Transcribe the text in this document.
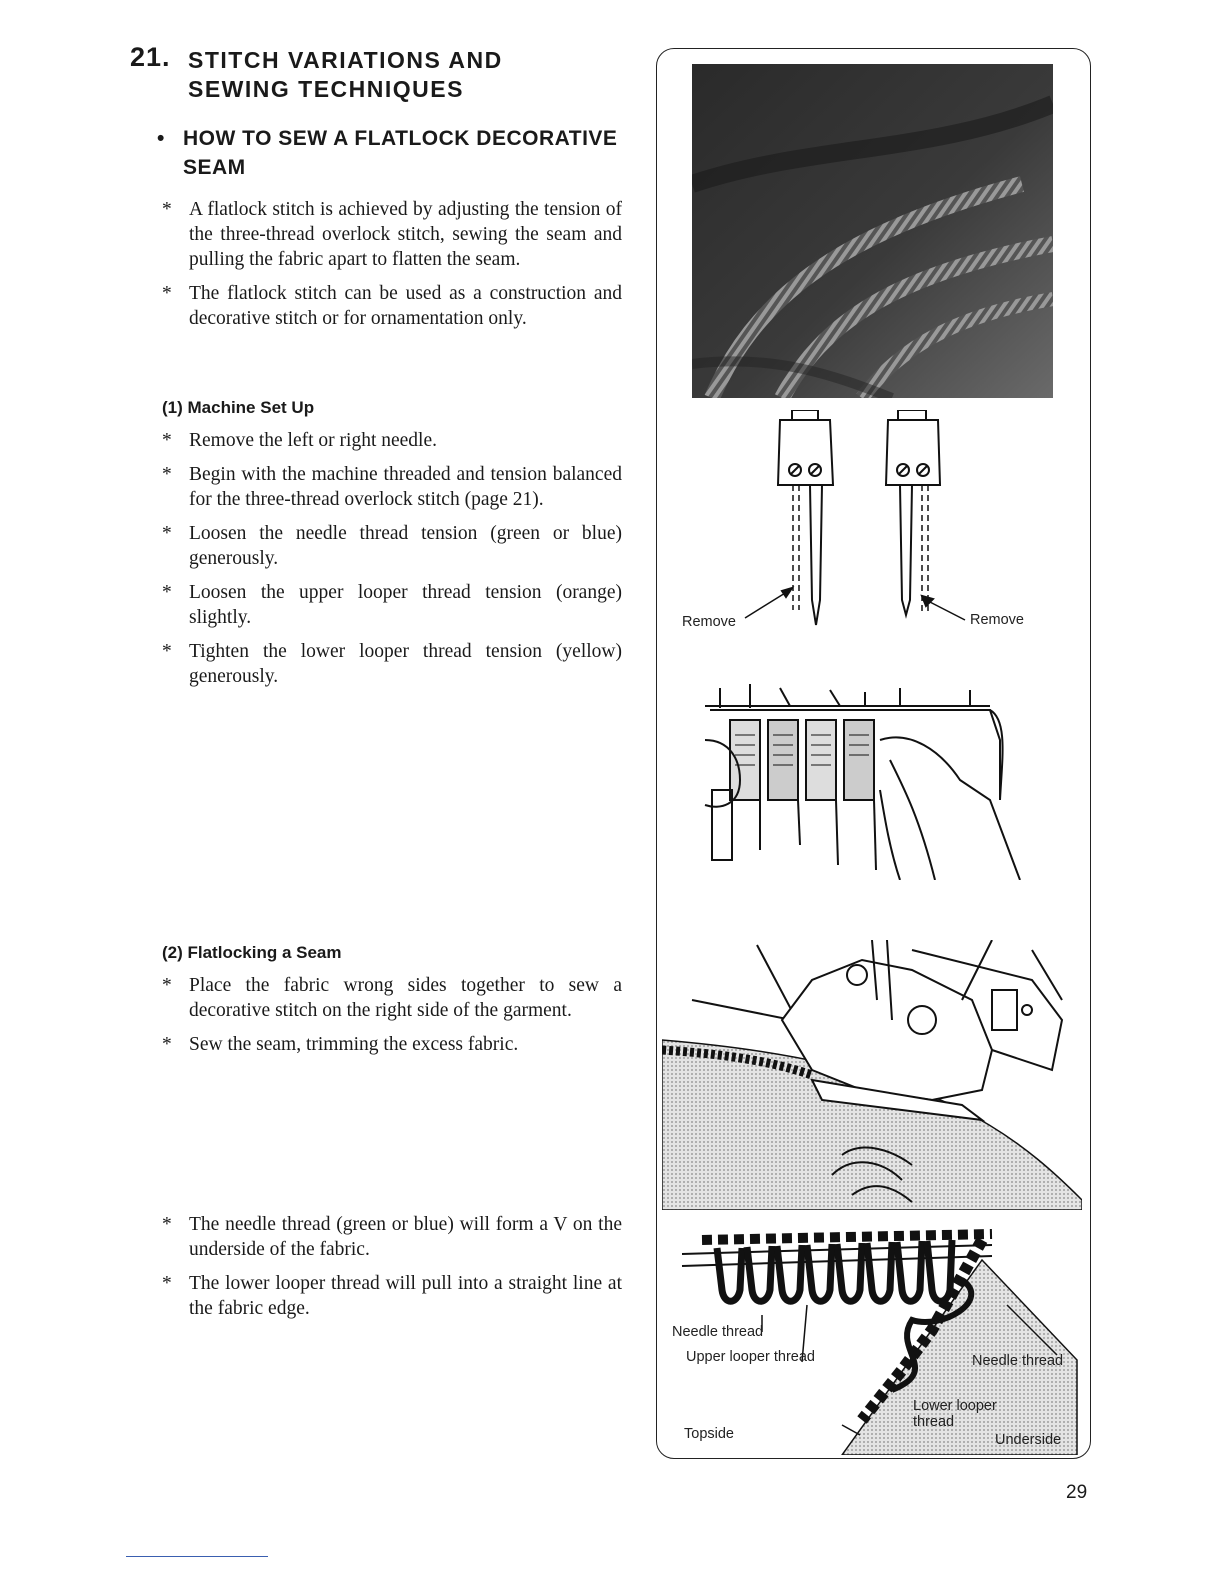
21. STITCH VARIATIONS AND
SEWING TECHNIQUES
• HOW TO SEW A FLATLOCK DECORATIVE
SEAM

* A flatlock stitch is achieved by adjusting the tension of the three-thread overlock stitch, sewing the seam and pulling the fabric apart to flatten the seam.

* The flatlock stitch can be used as a construction and decorative stitch or for ornamentation only.

(1) Machine Set Up

* Remove the left or right needle.

* Begin with the machine threaded and tension balanced for the three-thread overlock stitch (page 21).

* Loosen the needle thread tension (green or blue) generously.

* Loosen the upper looper thread tension (orange) slightly.

* Tighten the lower looper thread tension (yellow) generously.

(2) Flatlocking a Seam

* Place the fabric wrong sides together to sew a decorative stitch on the right side of the garment.

* Sew the seam, trimming the excess fabric.

* The needle thread (green or blue) will form a V on the underside of the fabric.

* The lower looper thread will pull into a straight line at the fabric edge.

Remove	Remove
Needle thread
Upper looper thread	Needle thread
Lower looper
thread
Topside	Underside
29
